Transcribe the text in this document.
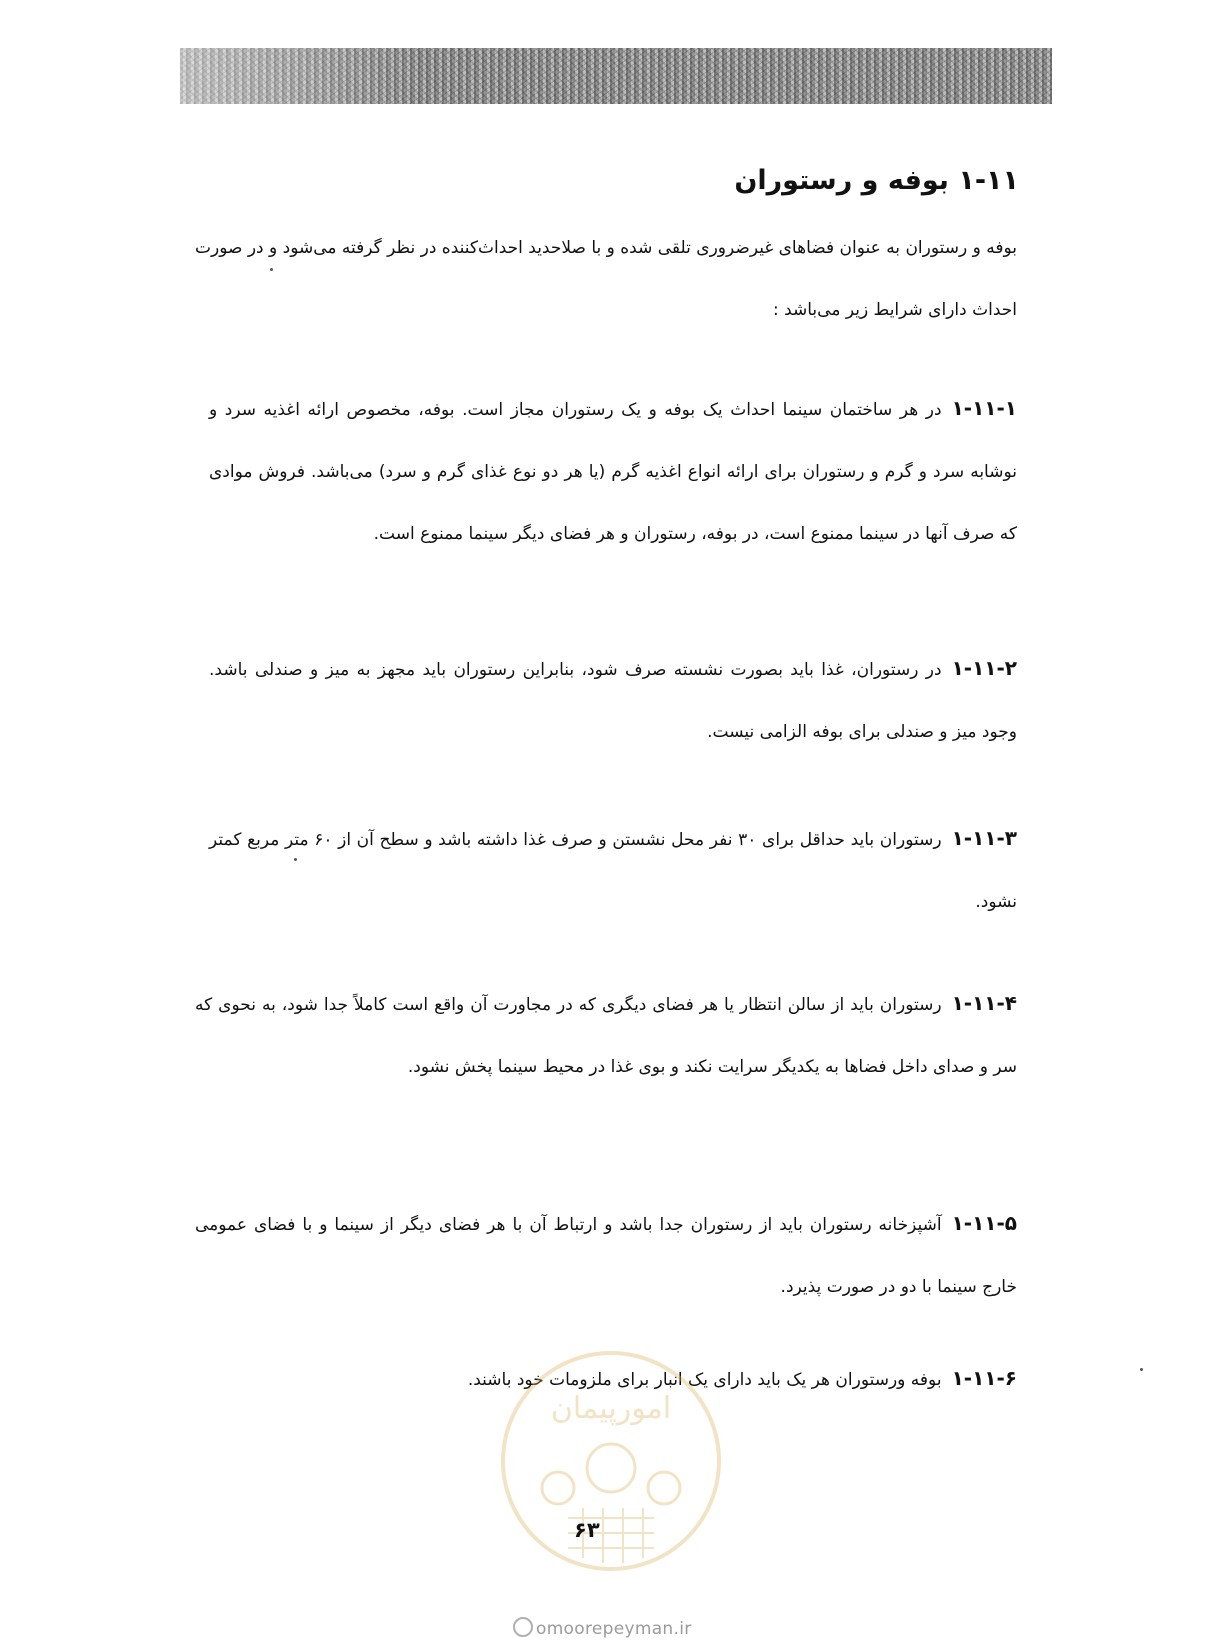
۱-۱۱ بوفه و رستوران

بوفه و رستوران به عنوان فضاهای غیرضروری تلقی شده و با صلاحدید احداث‌کننده در نظر گرفته می‌شود و در صورت احداث دارای شرایط زیر می‌باشد :

۱-۱۱-۱در هر ساختمان سینما احداث یک بوفه و یک رستوران مجاز است. بوفه، مخصوص ارائه اغذیه سرد و نوشابه سرد و گرم و رستوران برای ارائه انواع اغذیه گرم (یا هر دو نوع غذای گرم و سرد) می‌باشد. فروش موادی که صرف آنها در سینما ممنوع است، در بوفه، رستوران و هر فضای دیگر سینما ممنوع است.

۱-۱۱-۲در رستوران، غذا باید بصورت نشسته صرف شود، بنابراین رستوران باید مجهز به میز و صندلی باشد. وجود میز و صندلی برای بوفه الزامی نیست.

۱-۱۱-۳رستوران باید حداقل برای ۳۰ نفر محل نشستن و صرف غذا داشته باشد و سطح آن از ۶۰ متر مربع کمتر نشود.

۱-۱۱-۴رستوران باید از سالن انتظار یا هر فضای دیگری که در مجاورت آن واقع است کاملاً جدا شود، به نحوی که سر و صدای داخل فضاها به یکدیگر سرایت نکند و بوی غذا در محیط سینما پخش نشود.

۱-۱۱-۵آشپزخانه رستوران باید از رستوران جدا باشد و ارتباط آن با هر فضای دیگر از سینما و با فضای عمومی خارج سینما با دو در صورت پذیرد.

۱-۱۱-۶بوفه ورستوران هر یک باید دارای یک انبار برای ملزومات خود باشند.

امورپیمان
۶۳
omoorepeyman.ir
